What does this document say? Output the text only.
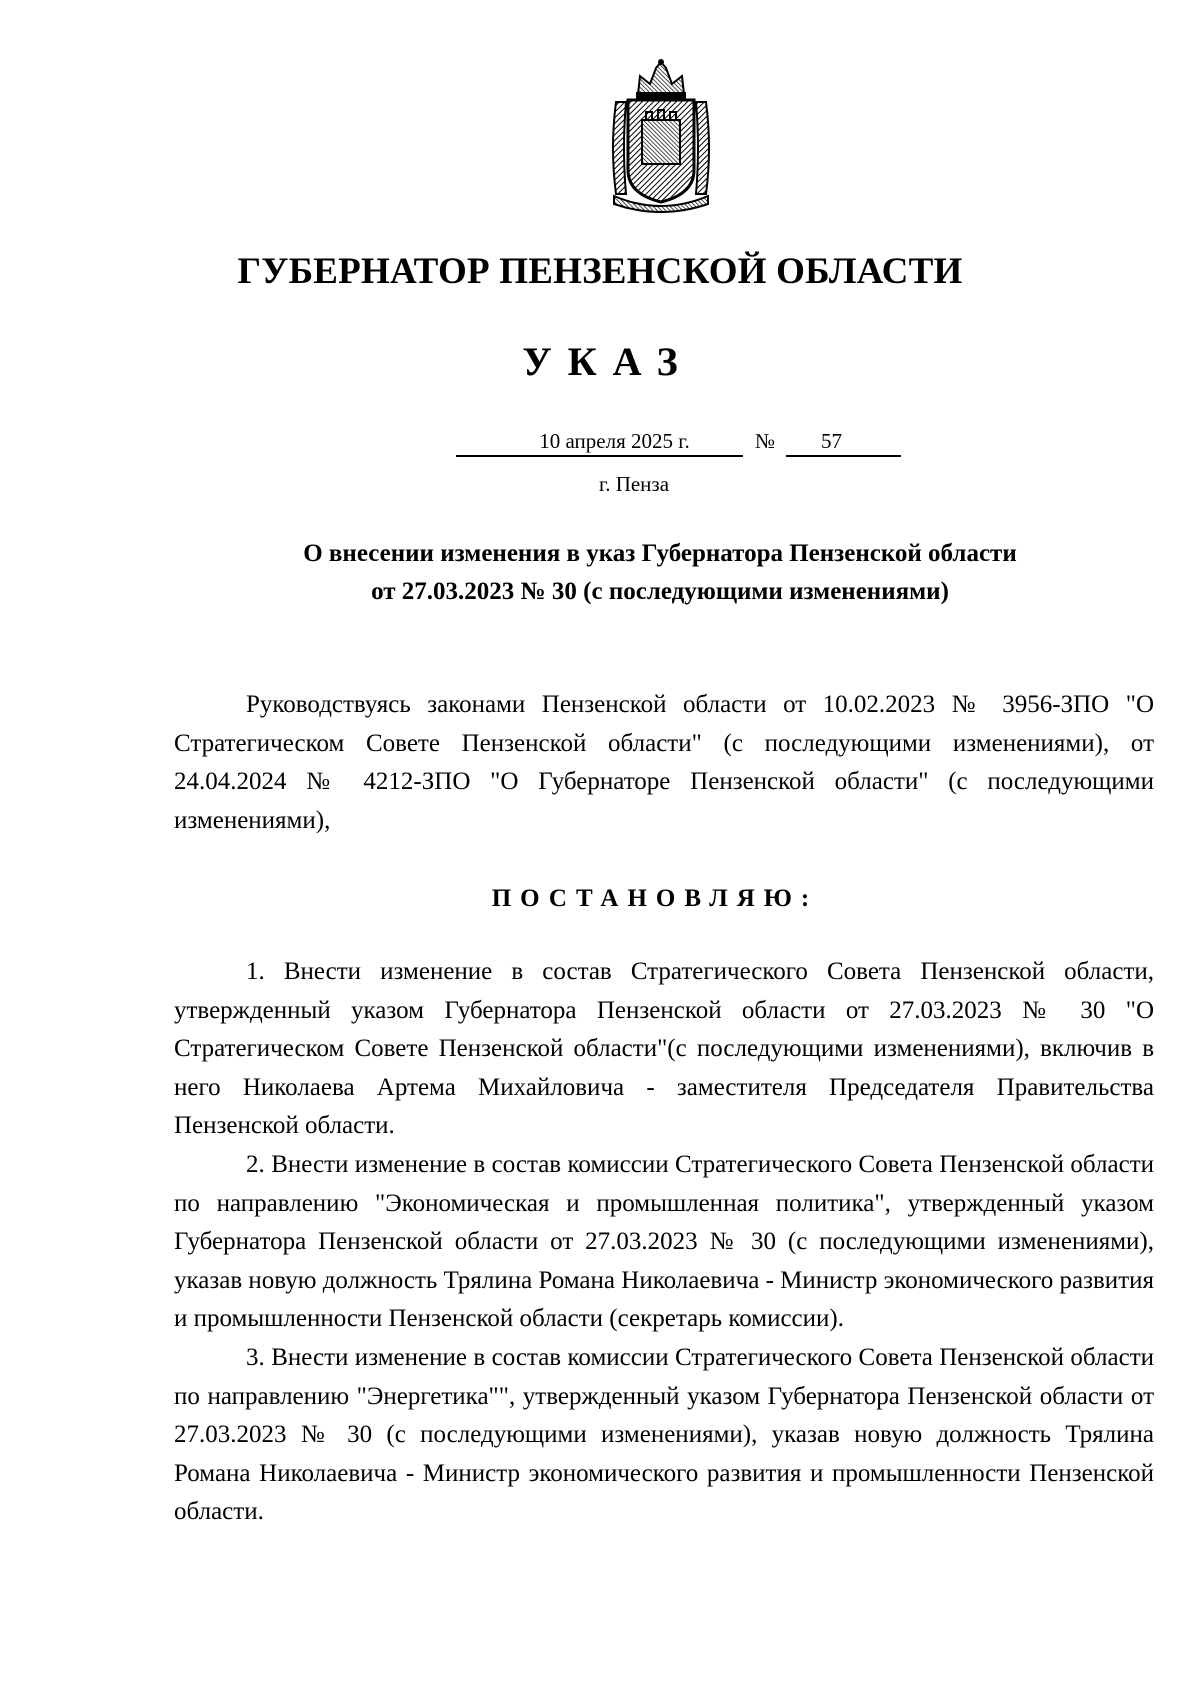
ГУБЕРНАТОР ПЕНЗЕНСКОЙ ОБЛАСТИ
УКАЗ
10 апреля 2025 г.	№	57
г. Пенза
О внесении изменения в указ Губернатора Пензенской области
от 27.03.2023 № 30 (с последующими изменениями)

Руководствуясь законами Пензенской области от 10.02.2023 № 3956-ЗПО "О Стратегическом Совете Пензенской области" (с последующими изменениями), от 24.04.2024 № 4212-ЗПО "О Губернаторе Пензенской области" (с последующими изменениями),

ПОСТАНОВЛЯЮ:

1. Внести изменение в состав Стратегического Совета Пензенской области, утвержденный указом Губернатора Пензенской области от 27.03.2023 № 30 "О Стратегическом Совете Пензенской области"(с последующими изменениями), включив в него Николаева Артема Михайловича - заместителя Председателя Правительства Пензенской области.

2. Внести изменение в состав комиссии Стратегического Совета Пензенской области по направлению "Экономическая и промышленная политика", утвержденный указом Губернатора Пензенской области от 27.03.2023 № 30 (с последующими изменениями), указав новую должность Трялина Романа Николаевича - Министр экономического развития и промышленности Пензенской области (секретарь комиссии).

3. Внести изменение в состав комиссии Стратегического Совета Пензенской области по направлению "Энергетика"", утвержденный указом Губернатора Пензенской области от 27.03.2023 № 30 (с последующими изменениями), указав новую должность Трялина Романа Николаевича - Министр экономического развития и промышленности Пензенской области.
